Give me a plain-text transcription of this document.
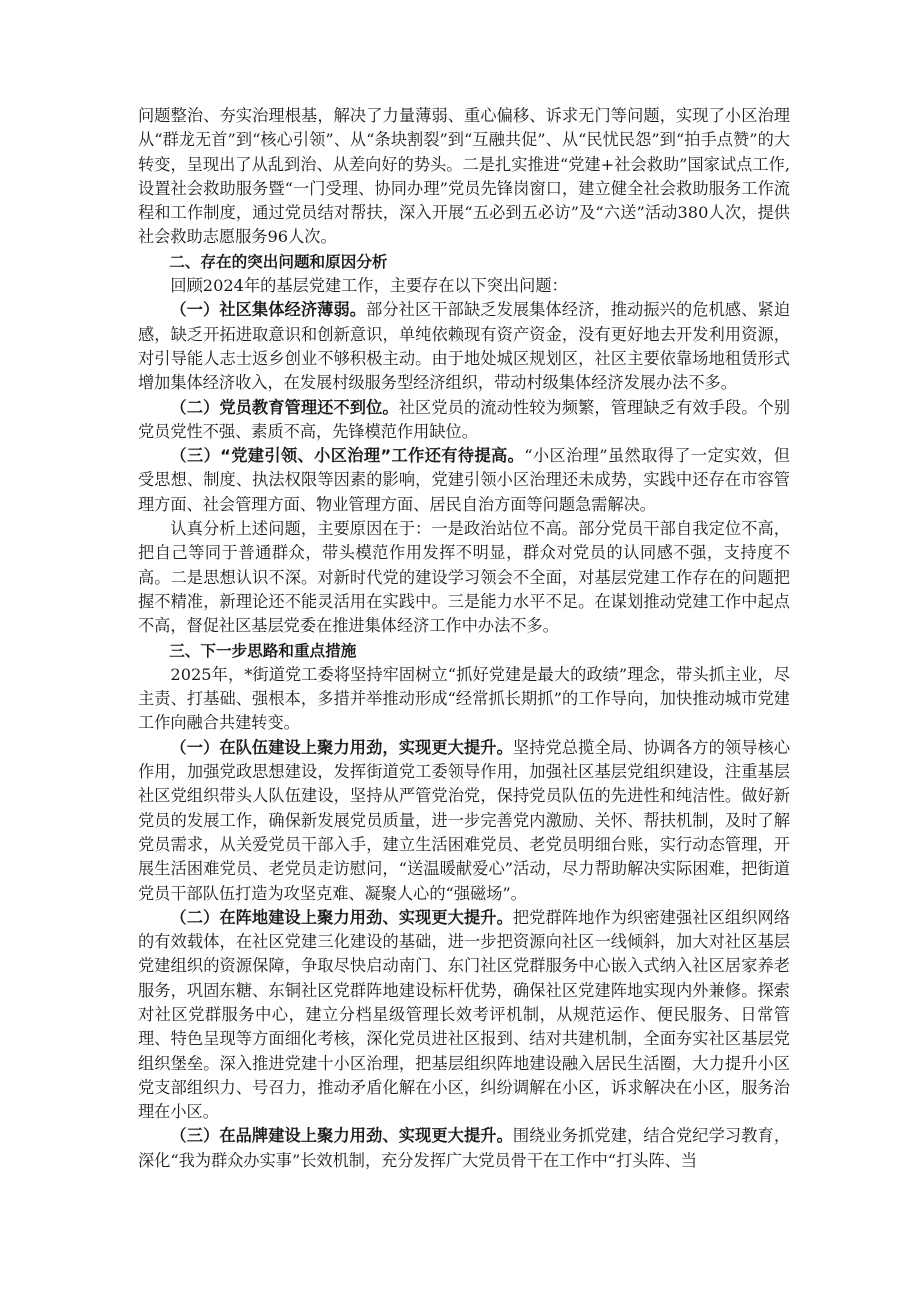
问题整治、夯实治理根基，解决了力量薄弱、重心偏移、诉求无门等问题，实现了小区治理从“群龙无首”到“核心引领”、从“条块割裂”到“互融共促”、从“民忧民怨”到“拍手点赞”的大转变，呈现出了从乱到治、从差向好的势头。二是扎实推进“党建+社会救助”国家试点工作,设置社会救助服务暨“一门受理、协同办理”党员先锋岗窗口，建立健全社会救助服务工作流程和工作制度，通过党员结对帮扶，深入开展“五必到五必访”及“六送”活动380人次，提供社会救助志愿服务96人次。

二、存在的突出问题和原因分析

回顾2024年的基层党建工作，主要存在以下突出问题：

（一）社区集体经济薄弱。部分社区干部缺乏发展集体经济，推动振兴的危机感、紧迫感，缺乏开拓进取意识和创新意识，单纯依赖现有资产资金，没有更好地去开发利用资源，对引导能人志士返乡创业不够积极主动。由于地处城区规划区，社区主要依靠场地租赁形式增加集体经济收入，在发展村级服务型经济组织，带动村级集体经济发展办法不多。

（二）党员教育管理还不到位。社区党员的流动性较为频繁，管理缺乏有效手段。个别党员党性不强、素质不高，先锋模范作用缺位。

（三）“党建引领、小区治理”工作还有待提高。“小区治理”虽然取得了一定实效，但受思想、制度、执法权限等因素的影响，党建引领小区治理还未成势，实践中还存在市容管理方面、社会管理方面、物业管理方面、居民自治方面等问题急需解决。

认真分析上述问题，主要原因在于：一是政治站位不高。部分党员干部自我定位不高，把自己等同于普通群众，带头模范作用发挥不明显，群众对党员的认同感不强，支持度不高。二是思想认识不深。对新时代党的建设学习领会不全面，对基层党建工作存在的问题把握不精准，新理论还不能灵活用在实践中。三是能力水平不足。在谋划推动党建工作中起点不高，督促社区基层党委在推进集体经济工作中办法不多。

三、下一步思路和重点措施

2025年，*街道党工委将坚持牢固树立“抓好党建是最大的政绩”理念，带头抓主业，尽主责、打基础、强根本，多措并举推动形成“经常抓长期抓”的工作导向，加快推动城市党建工作向融合共建转变。

（一）在队伍建设上聚力用劲，实现更大提升。坚持党总揽全局、协调各方的领导核心作用，加强党政思想建设，发挥街道党工委领导作用，加强社区基层党组织建设，注重基层社区党组织带头人队伍建设，坚持从严管党治党，保持党员队伍的先进性和纯洁性。做好新党员的发展工作，确保新发展党员质量，进一步完善党内激励、关怀、帮扶机制，及时了解党员需求，从关爱党员干部入手，建立生活困难党员、老党员明细台账，实行动态管理，开展生活困难党员、老党员走访慰问，“送温暖献爱心”活动，尽力帮助解决实际困难，把街道党员干部队伍打造为攻坚克难、凝聚人心的“强磁场”。

（二）在阵地建设上聚力用劲、实现更大提升。把党群阵地作为织密建强社区组织网络的有效载体，在社区党建三化建设的基础，进一步把资源向社区一线倾斜，加大对社区基层党建组织的资源保障，争取尽快启动南门、东门社区党群服务中心嵌入式纳入社区居家养老服务，巩固东糖、东铜社区党群阵地建设标杆优势，确保社区党建阵地实现内外兼修。探索对社区党群服务中心，建立分档星级管理长效考评机制，从规范运作、便民服务、日常管理、特色呈现等方面细化考核，深化党员进社区报到、结对共建机制，全面夯实社区基层党组织堡垒。深入推进党建十小区治理，把基层组织阵地建设融入居民生活圈，大力提升小区党支部组织力、号召力，推动矛盾化解在小区，纠纷调解在小区，诉求解决在小区，服务治理在小区。

（三）在品牌建设上聚力用劲、实现更大提升。围绕业务抓党建，结合党纪学习教育，深化“我为群众办实事”长效机制，充分发挥广大党员骨干在工作中“打头阵、当
